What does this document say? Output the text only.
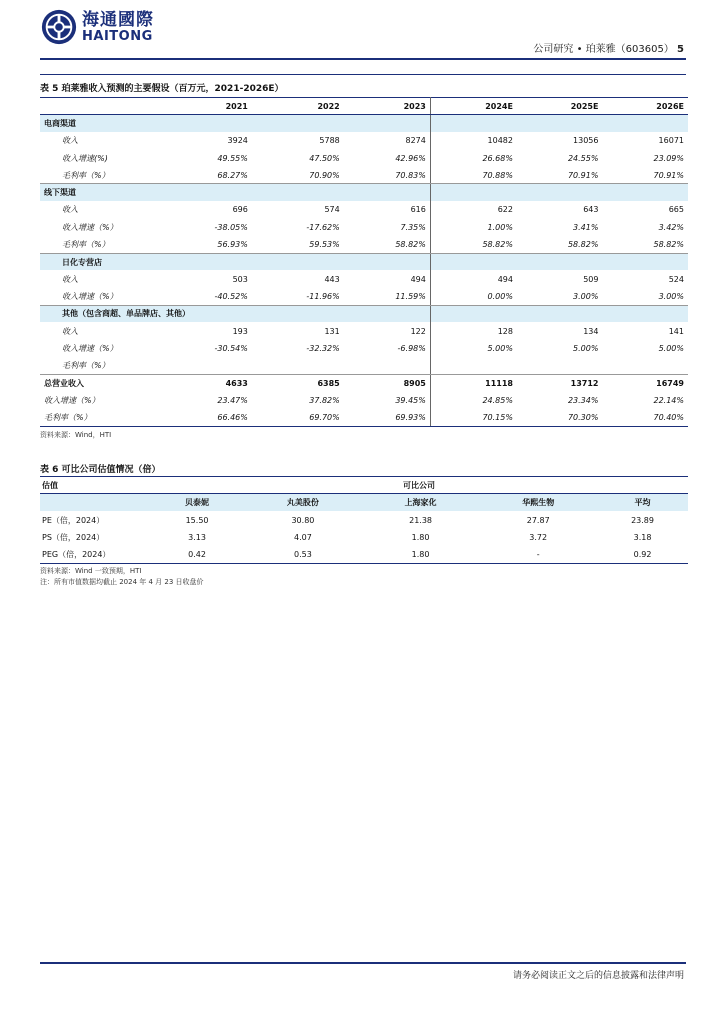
海通國際
HAITONG
公司研究 • 珀莱雅（603605） 5
表 5 珀莱雅收入预测的主要假设（百万元，2021-2026E）
	2021	2022	2023	2024E	2025E	2026E
电商渠道						
收入	3924	5788	8274	10482	13056	16071
收入增速(%)	49.55%	47.50%	42.96%	26.68%	24.55%	23.09%
毛利率（%）	68.27%	70.90%	70.83%	70.88%	70.91%	70.91%
线下渠道						
收入	696	574	616	622	643	665
收入增速（%）	-38.05%	-17.62%	7.35%	1.00%	3.41%	3.42%
毛利率（%）	56.93%	59.53%	58.82%	58.82%	58.82%	58.82%
日化专营店						
收入	503	443	494	494	509	524
收入增速（%）	-40.52%	-11.96%	11.59%	0.00%	3.00%	3.00%
其他（包含商超、单品牌店、其他）						
收入	193	131	122	128	134	141
收入增速（%）	-30.54%	-32.32%	-6.98%	5.00%	5.00%	5.00%
毛利率（%）						
总营业收入	4633	6385	8905	11118	13712	16749
收入增速（%）	23.47%	37.82%	39.45%	24.85%	23.34%	22.14%
毛利率（%）	66.46%	69.70%	69.93%	70.15%	70.30%	70.40%
资料来源：Wind，HTI
表 6 可比公司估值情况（倍）
估值	可比公司				
	贝泰妮	丸美股份	上海家化	华熙生物	平均
PE（倍，2024）	15.50	30.80	21.38	27.87	23.89
PS（倍，2024）	3.13	4.07	1.80	3.72	3.18
PEG（倍，2024）	0.42	0.53	1.80	-	0.92
资料来源：Wind 一致预期，HTI
注：所有市值数据均截止 2024 年 4 月 23 日收盘价
请务必阅读正文之后的信息披露和法律声明
